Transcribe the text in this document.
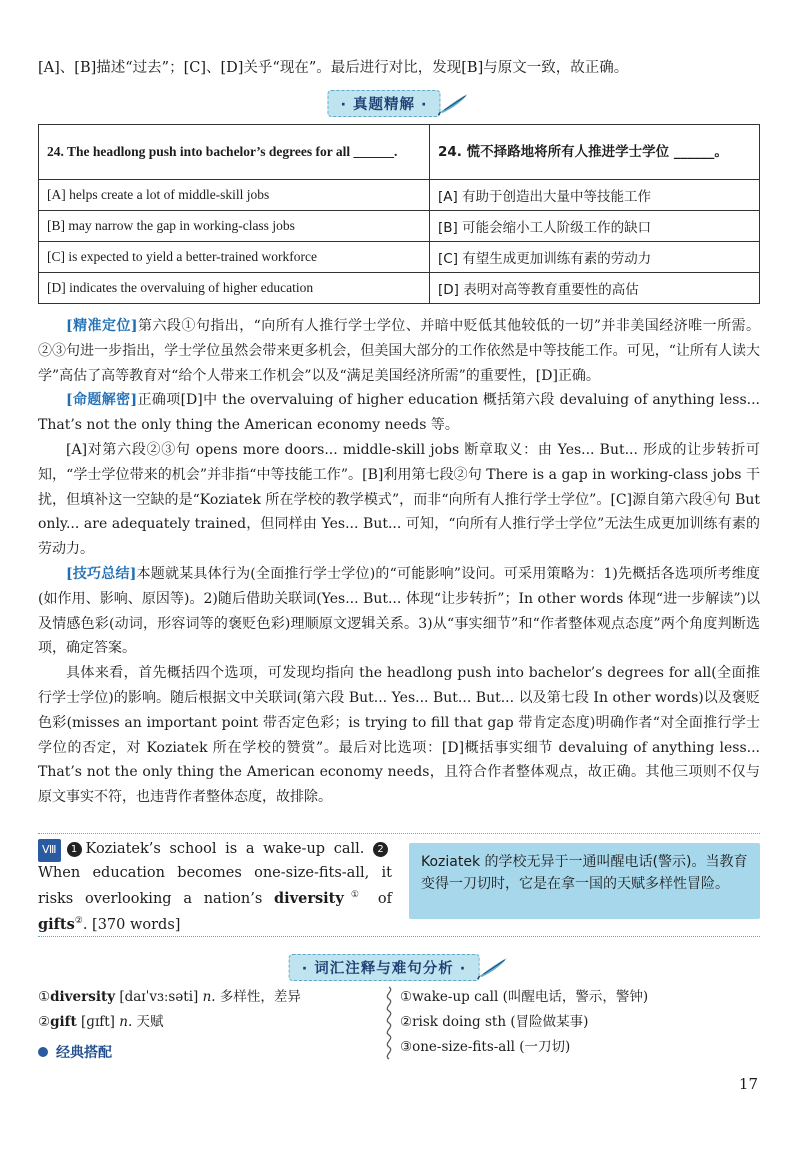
[A]、[B]描述“过去”；[C]、[D]关乎“现在”。最后进行对比，发现[B]与原文一致，故正确。
· 真题精解 ·
24. The headlong push into bachelor’s degrees for all ______.	24. 慌不择路地将所有人推进学士学位 ______。
[A] helps create a lot of middle-skill jobs	[A] 有助于创造出大量中等技能工作
[B] may narrow the gap in working-class jobs	[B] 可能会缩小工人阶级工作的缺口
[C] is expected to yield a better-trained workforce	[C] 有望生成更加训练有素的劳动力
[D] indicates the overvaluing of higher education	[D] 表明对高等教育重要性的高估

[精准定位]第六段①句指出，“向所有人推行学士学位、并暗中贬低其他较低的一切”并非美国经济唯一所需。②③句进一步指出，学士学位虽然会带来更多机会，但美国大部分的工作依然是中等技能工作。可见，“让所有人读大学”高估了高等教育对“给个人带来工作机会”以及“满足美国经济所需”的重要性，[D]正确。

[命题解密]正确项[D]中 the overvaluing of higher education 概括第六段 devaluing of anything less... That’s not the only thing the American economy needs 等。

[A]对第六段②③句 opens more doors... middle-skill jobs 断章取义：由 Yes... But... 形成的让步转折可知，“学士学位带来的机会”并非指“中等技能工作”。[B]利用第七段②句 There is a gap in working-class jobs 干扰，但填补这一空缺的是“Koziatek 所在学校的教学模式”，而非“向所有人推行学士学位”。[C]源自第六段④句 But only... are adequately trained，但同样由 Yes... But... 可知，“向所有人推行学士学位”无法生成更加训练有素的劳动力。

[技巧总结]本题就某具体行为(全面推行学士学位)的“可能影响”设问。可采用策略为：1)先概括各选项所考维度(如作用、影响、原因等)。2)随后借助关联词(Yes... But... 体现“让步转折”；In other words 体现“进一步解读”)以及情感色彩(动词，形容词等的褒贬色彩)理顺原文逻辑关系。3)从“事实细节”和“作者整体观点态度”两个角度判断选项，确定答案。

具体来看，首先概括四个选项，可发现均指向 the headlong push into bachelor’s degrees for all(全面推行学士学位)的影响。随后根据文中关联词(第六段 But... Yes... But... But... 以及第七段 In other words)以及褒贬色彩(misses an important point 带否定色彩；is trying to fill that gap 带肯定态度)明确作者“对全面推行学士学位的否定，对 Koziatek 所在学校的赞赏”。最后对比选项：[D]概括事实细节 devaluing of anything less... That’s not the only thing the American economy needs，且符合作者整体观点，故正确。其他三项则不仅与原文事实不符，也违背作者整体态度，故排除。

Ⅷ 1 Koziatek’s school is a wake-up call. 2When education becomes one-size-fits-all, it risks overlooking a nation’s diversity① of gifts②. [370 words]
Koziatek 的学校无异于一通叫醒电话(警示)。当教育变得一刀切时，它是在拿一国的天赋多样性冒险。
· 词汇注释与难句分析 ·
①diversity [daɪˈvɜːsəti] n. 多样性，差异
②gift [ɡɪft] n. 天赋
经典搭配
①wake-up call (叫醒电话，警示，警钟)
②risk doing sth (冒险做某事)
③one-size-fits-all (一刀切)
17
